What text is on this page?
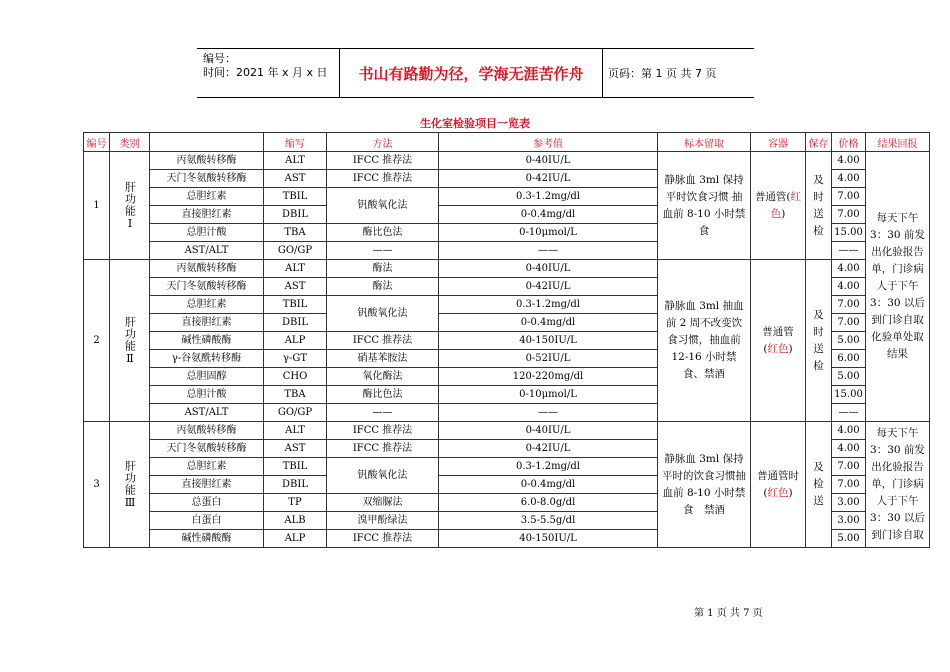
编号：
时间：2021 年 x 月 x 日	书山有路勤为径，学海无涯苦作舟	页码：第 1 页 共 7 页
生化室检验项目一览表
编号	类别		缩写	方法	参考值	标本留取	容器	保存	价格	结果回报
1	肝功能Ⅰ	丙氨酸转移酶	ALT	IFCC 推荐法	0-40IU/L	静脉血 3ml 保持平时饮食习惯 抽血前 8-10 小时禁食	普通管(红色)	及时送检	4.00	每天下午3：30 前发出化验报告单，门诊病人于下午3：30 以后到门诊自取化验单处取结果
		天门冬氨酸转移酶	AST	IFCC 推荐法	0-42IU/L				4.00	
		总胆红素	TBIL	钒酸氧化法	0.3-1.2mg/dl				7.00	
		直接胆红素	DBIL		0-0.4mg/dl				7.00	
		总胆汁酸	TBA	酶比色法	0-10μmol/L				15.00	
		AST/ALT	GO/GP	——	——				——	
2	肝功能Ⅱ	丙氨酸转移酶	ALT	酶法	0-40IU/L	静脉血 3ml 抽血前 2 周不改变饮食习惯，抽血前 12-16 小时禁食、禁酒	普通管 (红色)	及时送检	4.00	
		天门冬氨酸转移酶	AST	酶法	0-42IU/L				4.00	
		总胆红素	TBIL	钒酸氧化法	0.3-1.2mg/dl				7.00	
		直接胆红素	DBIL		0-0.4mg/dl				7.00	
		碱性磷酸酶	ALP	IFCC 推荐法	40-150IU/L				5.00	
		γ-谷氨酰转移酶	γ-GT	硝基苯胺法	0-52IU/L				6.00	
		总胆固醇	CHO	氧化酶法	120-220mg/dl				5.00	
		总胆汁酸	TBA	酶比色法	0-10μmol/L				15.00	
		AST/ALT	GO/GP	——	——				——	
3	肝功能Ⅲ	丙氨酸转移酶	ALT	IFCC 推荐法	0-40IU/L	静脉血 3ml 保持平时的饮食习惯抽血前 8-10 小时禁食　禁酒	普通管时 (红色)	及检送	4.00	每天下午3：30 前发出化验报告单，门诊病人于下午3：30 以后到门诊自取
		天门冬氨酸转移酶	AST	IFCC 推荐法	0-42IU/L				4.00	
		总胆红素	TBIL	钒酸氧化法	0.3-1.2mg/dl				7.00	
		直接胆红素	DBIL		0-0.4mg/dl				7.00	
		总蛋白	TP	双缩脲法	6.0-8.0g/dl				3.00	
		白蛋白	ALB	溴甲酚绿法	3.5-5.5g/dl				3.00	
		碱性磷酸酶	ALP	IFCC 推荐法	40-150IU/L				5.00	
第 1 页 共 7 页
